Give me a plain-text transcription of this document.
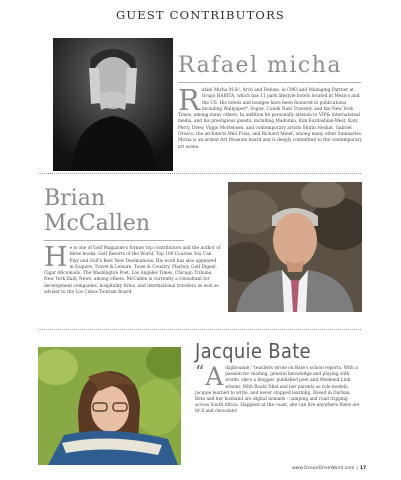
GUEST CONTRIBUTORS
Rafael micha
R afael Micha M.Sc, Arch and Deluxe, is CMO and Managing Partner at Grupo HABITA, which has 11 park lifestyle hotels located in Mexico and the US. His hotels and lounges have been featured in publications including Wallpaper*, Vogue, Condé Nast Traveler, and the New York Times, among many others. In addition he personally attends to VIP& international media, and his prestigious guests, including Madonna, Kim Kardashian-West, Katy Perry, Drew, Viggo Mortensen, and contemporary artists Shirin Neshat, Gabriel Orozco, the architects Weil Frisa, and Richard Meier, among many other luminaries. Micha is an ardent Art Museum board and is deeply committed to the contemporary art scene.
Brian
McCallen
H e is one of Golf Magazine's former top contributors and the author of three books: Golf Resorts of the World, Top 100 Courses You Can Play and Golf's Best New Destinations. His work has also appeared in Esquire, Travel & Leisure, Town & Country, Playboy, Golf Digest, Cigar Aficionado, The Washington Post, Los Angeles Times, Chicago Tribune, New York Daily News, among others. McCallen is currently a consultant for development companies, hospitality firms, and international travelers as well as adviser to the Los Cabos Tourism Board.
Jacquie Bate
“ A dajibounne," teachers wrote on Bate's school reports. With a passion for reading, general knowledge and playing with words, she's a blogger, published poet and Weekend Link winner. With Roald Dhal and her parents as role models, Jacquie learned to write, and never stopped learning. Based in Durban, Bate and her husband are digital nomads - camping and road tripping across South Africa. Happiest at the coast, she can live anywhere there are fir fl and chocolate!
www.OceanDriveWorld.com | 17
